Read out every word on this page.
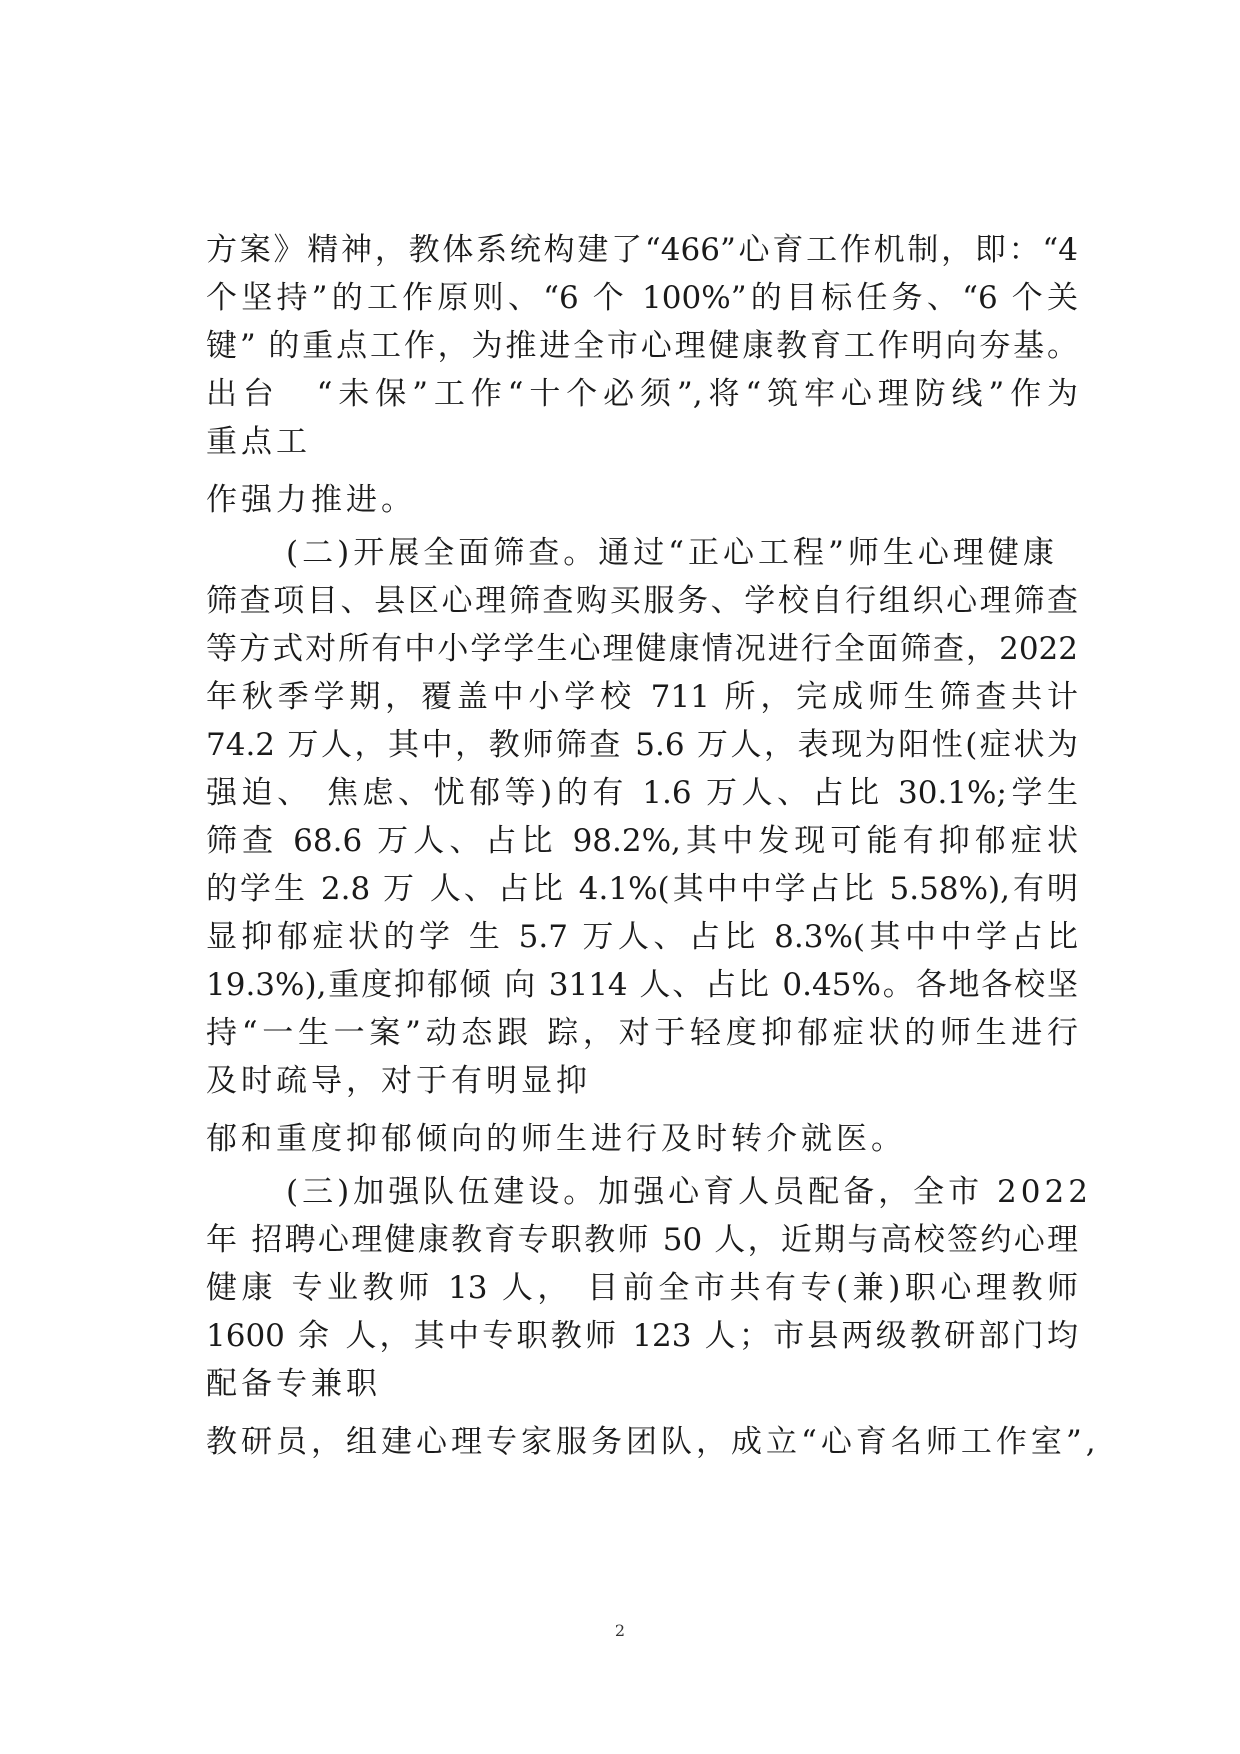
方案》精神，教体系统构建了“466”心育工作机制，即：“4
个坚持”的工作原则、“6 个 100%”的目标任务、“6 个关
键” 的重点工作，为推进全市心理健康教育工作明向夯基。
出台　“未保”工作“十个必须”,将“筑牢心理防线”作为
重点工
作强力推进。
(二)开展全面筛查。通过“正心工程”师生心理健康
筛查项目、县区心理筛查购买服务、学校自行组织心理筛查
等方式对所有中小学学生心理健康情况进行全面筛查，2022
年秋季学期，覆盖中小学校 711 所，完成师生筛查共计
74.2 万人，其中，教师筛查 5.6 万人，表现为阳性(症状为
强迫、 焦虑、忧郁等)的有 1.6 万人、占比 30.1%;学生
筛查 68.6 万人、占比 98.2%,其中发现可能有抑郁症状
的学生 2.8 万 人、占比 4.1%(其中中学占比 5.58%),有明
显抑郁症状的学 生 5.7 万人、占比 8.3%(其中中学占比
19.3%),重度抑郁倾 向 3114 人、占比 0.45%。各地各校坚
持“一生一案”动态跟 踪，对于轻度抑郁症状的师生进行
及时疏导，对于有明显抑
郁和重度抑郁倾向的师生进行及时转介就医。
(三)加强队伍建设。加强心育人员配备，全市 2022
年 招聘心理健康教育专职教师 50 人，近期与高校签约心理
健康 专业教师 13 人， 目前全市共有专(兼)职心理教师
1600 余 人，其中专职教师 123 人；市县两级教研部门均
配备专兼职
教研员，组建心理专家服务团队，成立“心育名师工作室”,
2
